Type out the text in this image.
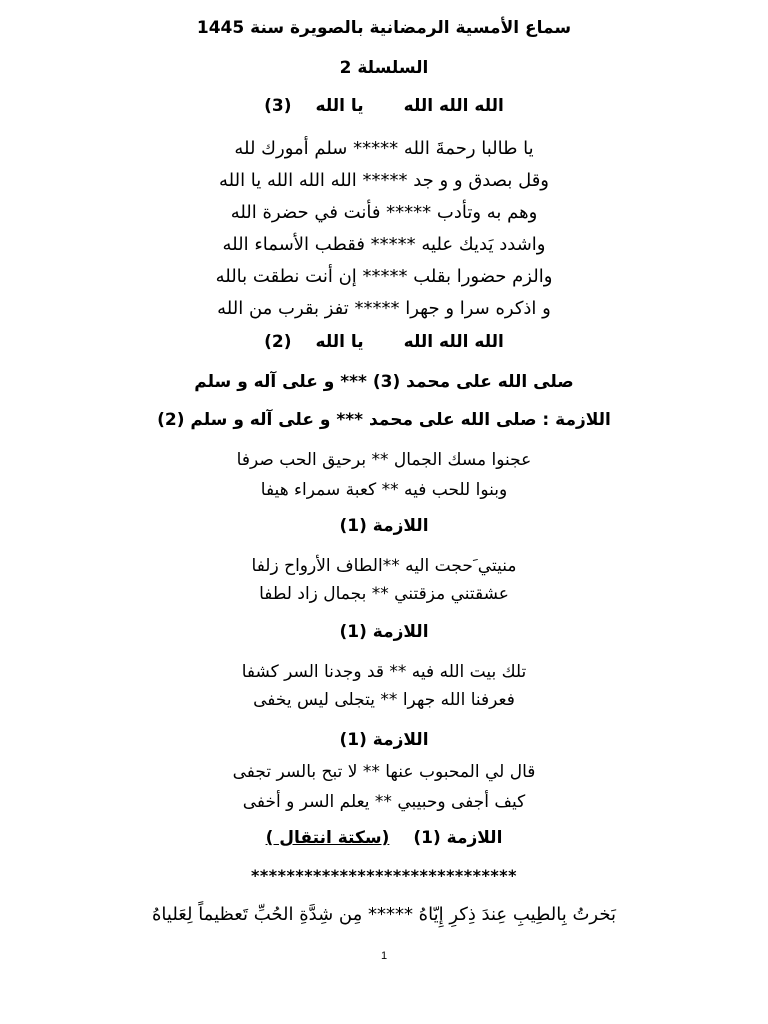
سماع الأمسية الرمضانية بالصويرة سنة 1445
السلسلة 2
الله الله اللهيا الله(3)
يا طالبا رحمةَ الله ***** سلم أمورك لله
وقل بصدق و و جد ***** الله الله الله يا الله
وهم به وتأدب ***** فأنت في حضرة الله
واشدد يَديك عليه ***** فقطب الأسماء الله
والزم حضورا بقلب ***** إن أنت نطقت بالله
و اذكره سرا و جهرا ***** تفز بقرب من الله
الله الله اللهيا الله(2)
صلى الله على محمد (3) *** و على آله و سلم
اللازمة : صلى الله على محمد *** و على آله و سلم (2)
عجنوا مسك الجمال ** برحيق الحب صرفا
وبنوا للحب فيه ** كعبة سمراء هيفا
اللازمة (1)
منيتي َحجت اليه **الطاف الأرواح زلفا
عشقتني مزقتني ** بجمال زاد لطفا
اللازمة (1)
تلك بيت الله فيه ** قد وجدنا السر كشفا
فعرفنا الله جهرا ** يتجلى ليس يخفى
اللازمة (1)
قال لي المحبوب عنها ** لا تبح بالسر تجفى
كيف أجفى وحبيبي ** يعلم السر و أخفى
اللازمة (1)(سكتة انتقال )
******************************
بَخرتُ بِالطِيبِ عِندَ ذِكرِ إِيّاهُ ***** مِن شِدَّةِ الحُبِّ تَعظيماً لِعَلياهُ
1
